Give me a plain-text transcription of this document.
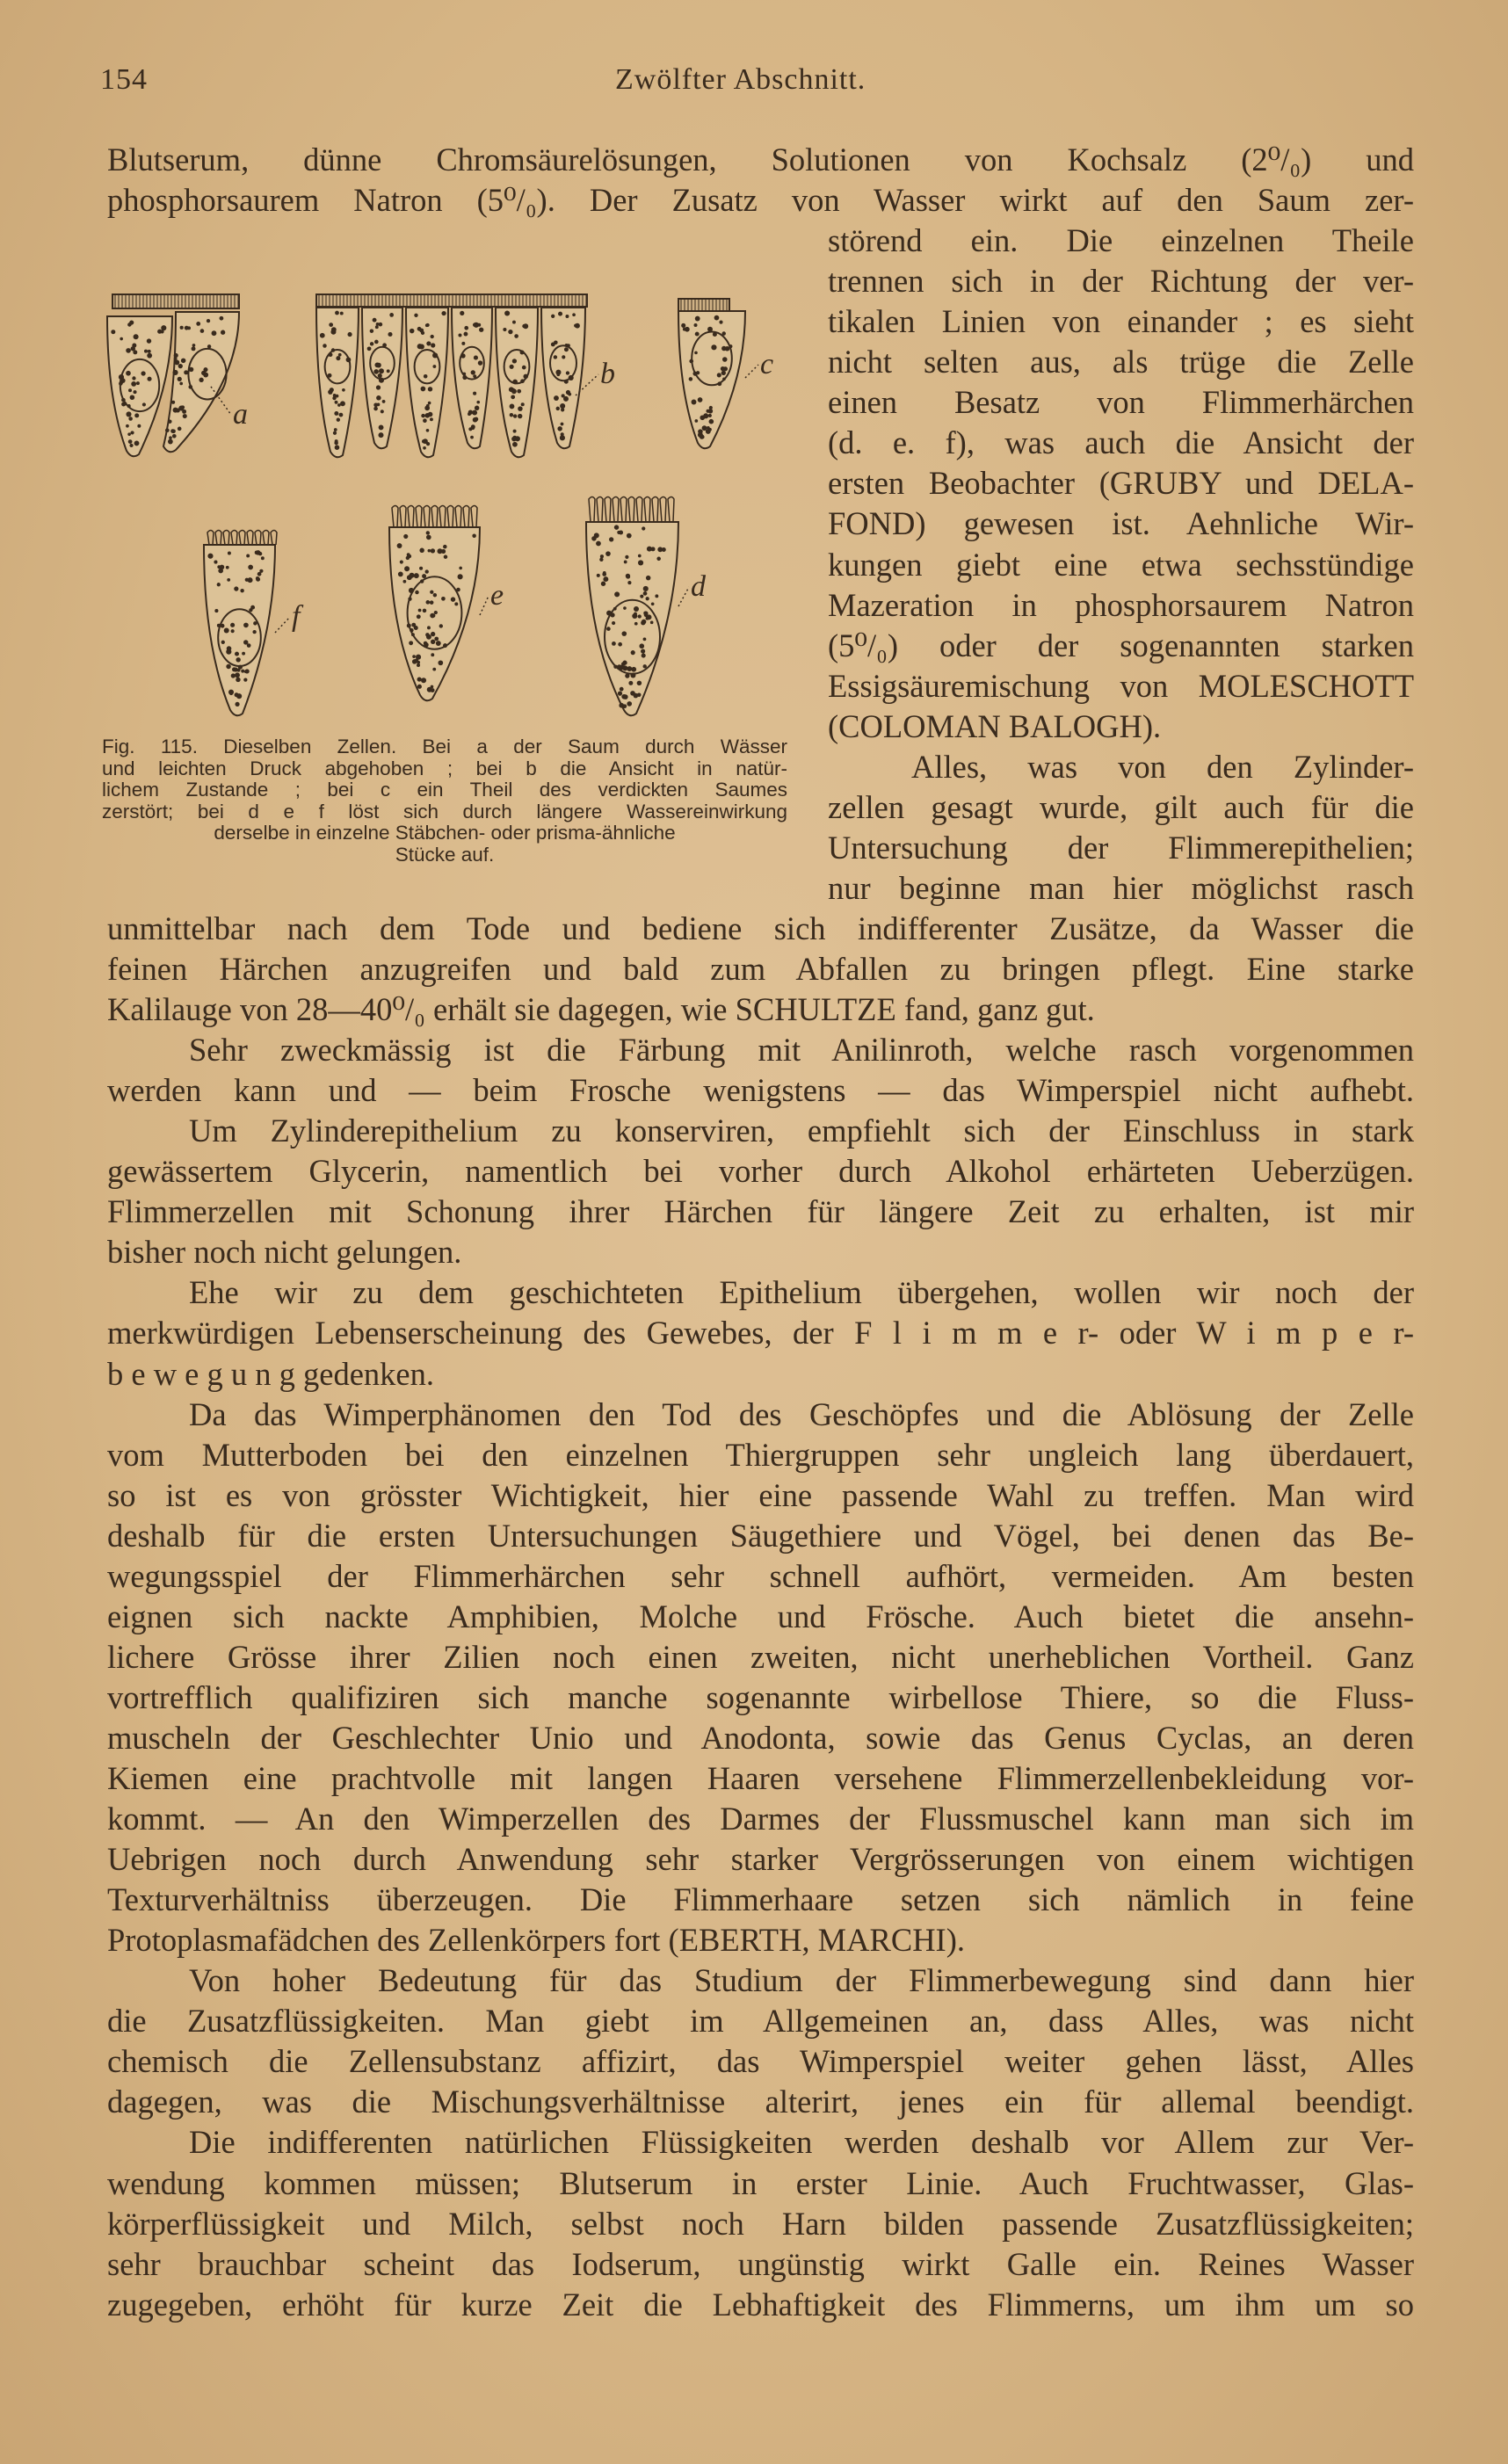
154	Zwölfter Abschnitt.
a
b	c
d
e
f
Fig. 115. Dieselben Zellen. Bei a der Saum durch Wässer
und leichten Druck abgehoben ; bei b die Ansicht in natür-
lichem Zustande ; bei c ein Theil des verdickten Saumes
zerstört; bei d e f löst sich durch längere Wassereinwirkung
derselbe in einzelne Stäbchen- oder prisma-ähnliche
Stücke auf.
Blutserum, dünne Chromsäurelösungen, Solutionen von Kochsalz (2⁰/₀) und
phosphorsaurem Natron (5⁰/₀). Der Zusatz von Wasser wirkt auf den Saum zer-
störend ein. Die einzelnen Theile
trennen sich in der Richtung der ver-
tikalen Linien von einander ; es sieht
nicht selten aus, als trüge die Zelle
einen Besatz von Flimmerhärchen
(d. e. f), was auch die Ansicht der
ersten Beobachter (GRUBY und DELA-
FOND) gewesen ist. Aehnliche Wir-
kungen giebt eine etwa sechsstündige
Mazeration in phosphorsaurem Natron
(5⁰/₀) oder der sogenannten starken
Essigsäuremischung von MOLESCHOTT
(COLOMAN BALOGH).
Alles, was von den Zylinder-
zellen gesagt wurde, gilt auch für die
Untersuchung der Flimmerepithelien;
nur beginne man hier möglichst rasch
unmittelbar nach dem Tode und bediene sich indifferenter Zusätze, da Wasser die
feinen Härchen anzugreifen und bald zum Abfallen zu bringen pflegt. Eine starke
Kalilauge von 28—40⁰/₀ erhält sie dagegen, wie SCHULTZE fand, ganz gut.
Sehr zweckmässig ist die Färbung mit Anilinroth, welche rasch vorgenommen
werden kann und — beim Frosche wenigstens — das Wimperspiel nicht aufhebt.
Um Zylinderepithelium zu konserviren, empfiehlt sich der Einschluss in stark
gewässertem Glycerin, namentlich bei vorher durch Alkohol erhärteten Ueberzügen.
Flimmerzellen mit Schonung ihrer Härchen für längere Zeit zu erhalten, ist mir
bisher noch nicht gelungen.
Ehe wir zu dem geschichteten Epithelium übergehen, wollen wir noch der
merkwürdigen Lebenserscheinung des Gewebes, der F l i m m e r- oder W i m p e r-
b e w e g u n g gedenken.
Da das Wimperphänomen den Tod des Geschöpfes und die Ablösung der Zelle
vom Mutterboden bei den einzelnen Thiergruppen sehr ungleich lang überdauert,
so ist es von grösster Wichtigkeit, hier eine passende Wahl zu treffen. Man wird
deshalb für die ersten Untersuchungen Säugethiere und Vögel, bei denen das Be-
wegungsspiel der Flimmerhärchen sehr schnell aufhört, vermeiden. Am besten
eignen sich nackte Amphibien, Molche und Frösche. Auch bietet die ansehn-
lichere Grösse ihrer Zilien noch einen zweiten, nicht unerheblichen Vortheil. Ganz
vortrefflich qualifiziren sich manche sogenannte wirbellose Thiere, so die Fluss-
muscheln der Geschlechter Unio und Anodonta, sowie das Genus Cyclas, an deren
Kiemen eine prachtvolle mit langen Haaren versehene Flimmerzellenbekleidung vor-
kommt. — An den Wimperzellen des Darmes der Flussmuschel kann man sich im
Uebrigen noch durch Anwendung sehr starker Vergrösserungen von einem wichtigen
Texturverhältniss überzeugen. Die Flimmerhaare setzen sich nämlich in feine
Protoplasmafädchen des Zellenkörpers fort (EBERTH, MARCHI).
Von hoher Bedeutung für das Studium der Flimmerbewegung sind dann hier
die Zusatzflüssigkeiten. Man giebt im Allgemeinen an, dass Alles, was nicht
chemisch die Zellensubstanz affizirt, das Wimperspiel weiter gehen lässt, Alles
dagegen, was die Mischungsverhältnisse alterirt, jenes ein für allemal beendigt.
Die indifferenten natürlichen Flüssigkeiten werden deshalb vor Allem zur Ver-
wendung kommen müssen; Blutserum in erster Linie. Auch Fruchtwasser, Glas-
körperflüssigkeit und Milch, selbst noch Harn bilden passende Zusatzflüssigkeiten;
sehr brauchbar scheint das Iodserum, ungünstig wirkt Galle ein. Reines Wasser
zugegeben, erhöht für kurze Zeit die Lebhaftigkeit des Flimmerns, um ihm um so
